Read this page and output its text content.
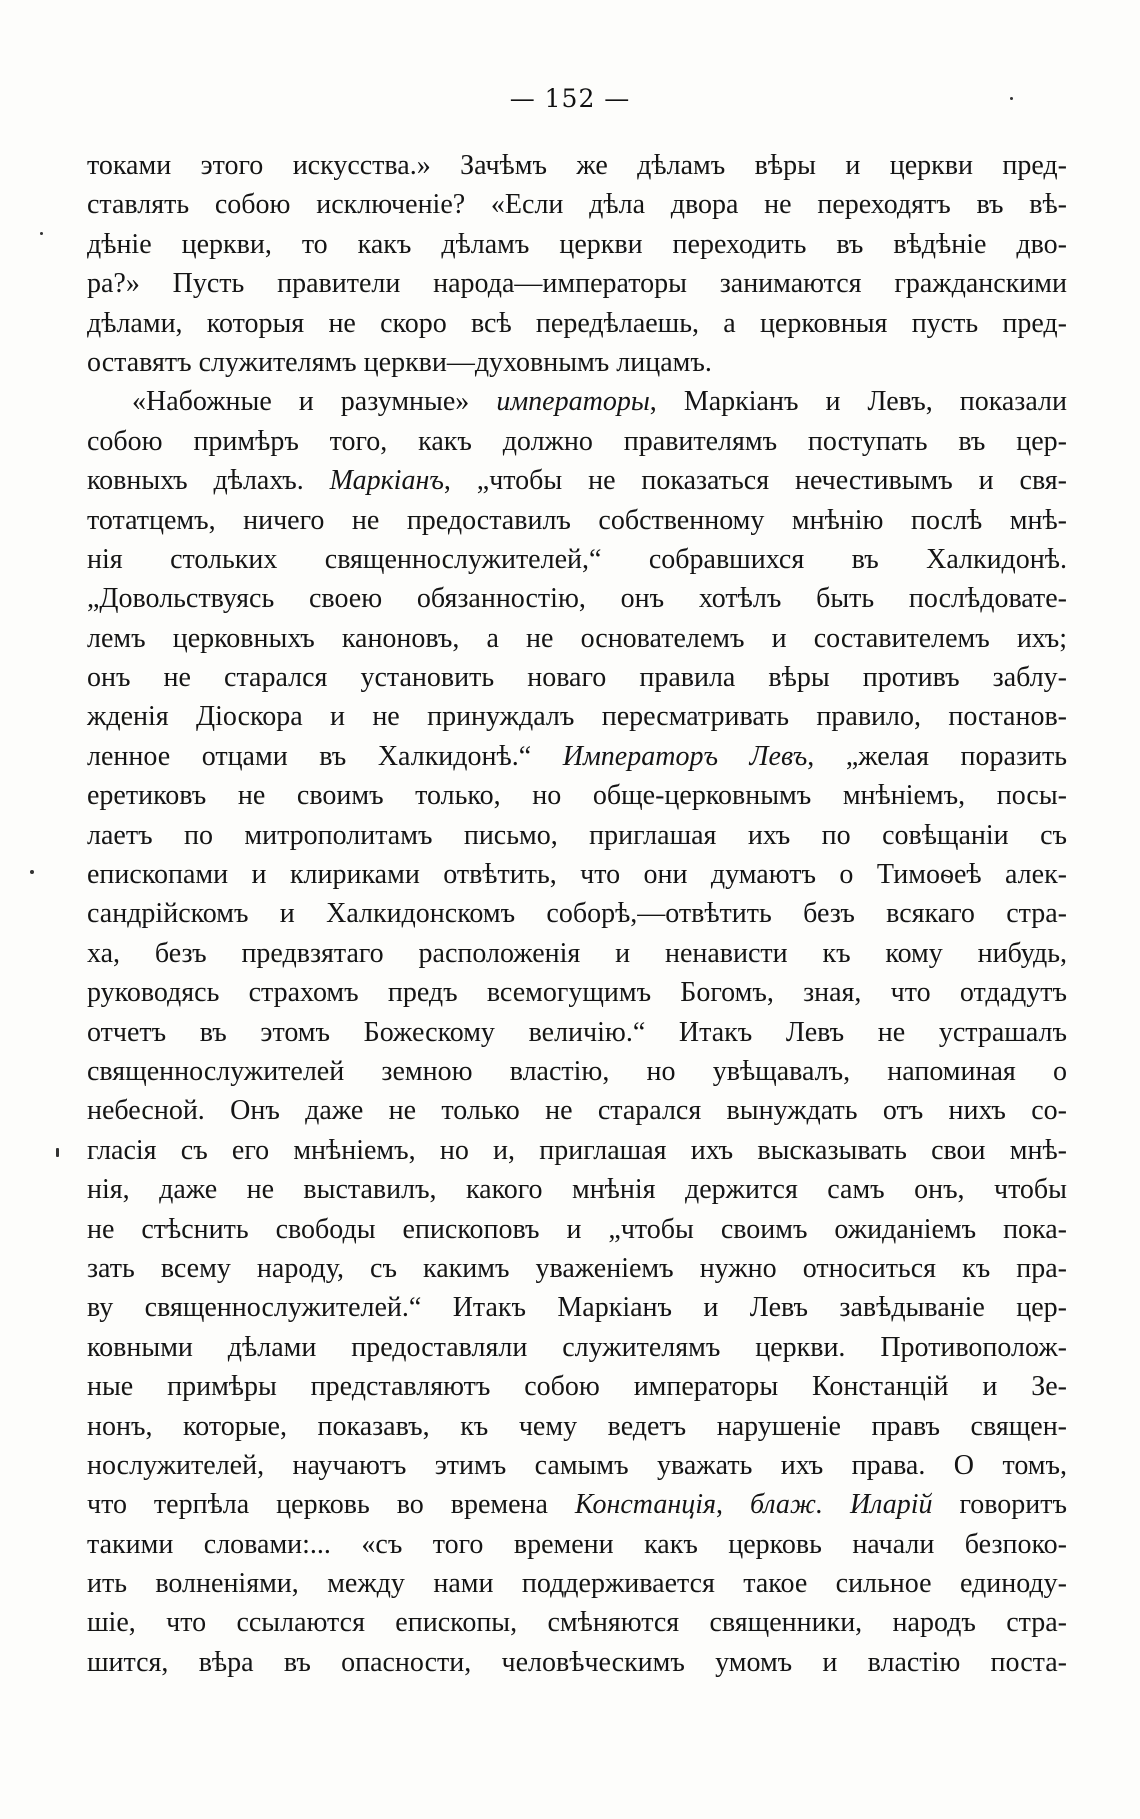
— 152 —
токами этого искусства.» Зачѣмъ же дѣламъ вѣры и церкви пред-
ставлять собою исключенiе? «Если дѣла двора не переходятъ въ вѣ-
дѣнiе церкви, то какъ дѣламъ церкви переходить въ вѣдѣнiе дво-
ра?» Пусть правители народа—императоры занимаются гражданскими
дѣлами, которыя не скоро всѣ передѣлаешь, а церковныя пусть пред-
оставятъ служителямъ церкви—духовнымъ лицамъ.
«Набожные и разумные» императоры, Маркiанъ и Левъ, показали
собою примѣръ того, какъ должно правителямъ поступать въ цер-
ковныхъ дѣлахъ. Маркiанъ, „чтобы не показаться нечестивымъ и свя-
тотатцемъ, ничего не предоставилъ собственному мнѣнiю послѣ мнѣ-
нiя стольких священнослужителей,“ собравшихся въ Халкидонѣ.
„Довольствуясь своею обязанностiю, онъ хотѣлъ быть послѣдовате-
лемъ церковныхъ каноновъ, а не основателемъ и составителемъ ихъ;
онъ не старался установить новаго правила вѣры противъ заблу-
жденiя Дiоскора и не принуждалъ пересматривать правило, постанов-
ленное отцами въ Халкидонѣ.“ Императоръ Левъ, „желая поразить
еретиковъ не своимъ только, но обще-церковнымъ мнѣнiемъ, посы-
лаетъ по митрополитамъ письмо, приглашая ихъ по совѣщанiи съ
епископами и клириками отвѣтить, что они думаютъ о Тимоѳеѣ алек-
сандрiйскомъ и Халкидонскомъ соборѣ,—отвѣтить безъ всякаго стра-
ха, безъ предвзятаго расположенiя и ненависти къ кому нибудь,
руководясь страхомъ предъ всемогущимъ Богомъ, зная, что отдадутъ
отчетъ въ этомъ Божескому величiю.“ Итакъ Левъ не устрашалъ
священнослужителей земною властiю, но увѣщавалъ, напоминая о
небесной. Онъ даже не только не старался вынуждать отъ нихъ со-
гласiя съ его мнѣнiемъ, но и, приглашая ихъ высказывать свои мнѣ-
нiя, даже не выставилъ, какого мнѣнiя держится самъ онъ, чтобы
не стѣснить свободы епископовъ и „чтобы своимъ ожиданiемъ пока-
зать всему народу, съ какимъ уваженiемъ нужно относиться къ пра-
ву священнослужителей.“ Итакъ Маркiанъ и Левъ завѣдыванiе цер-
ковными дѣлами предоставляли служителямъ церкви. Противополож-
ные примѣры представляютъ собою императоры Констанцiй и Зе-
нонъ, которые, показавъ, къ чему ведетъ нарушенiе правъ священ-
нослужителей, научаютъ этимъ самымъ уважать ихъ права. О томъ,
что терпѣла церковь во времена Констанцiя, блаж. Иларiй говоритъ
такими словами:... «съ того времени какъ церковь начали безпоко-
ить волненiями, между нами поддерживается такое сильное единоду-
шiе, что ссылаются епископы, смѣняются священники, народъ стра-
шится, вѣра въ опасности, человѣческимъ умомъ и властiю поста-
